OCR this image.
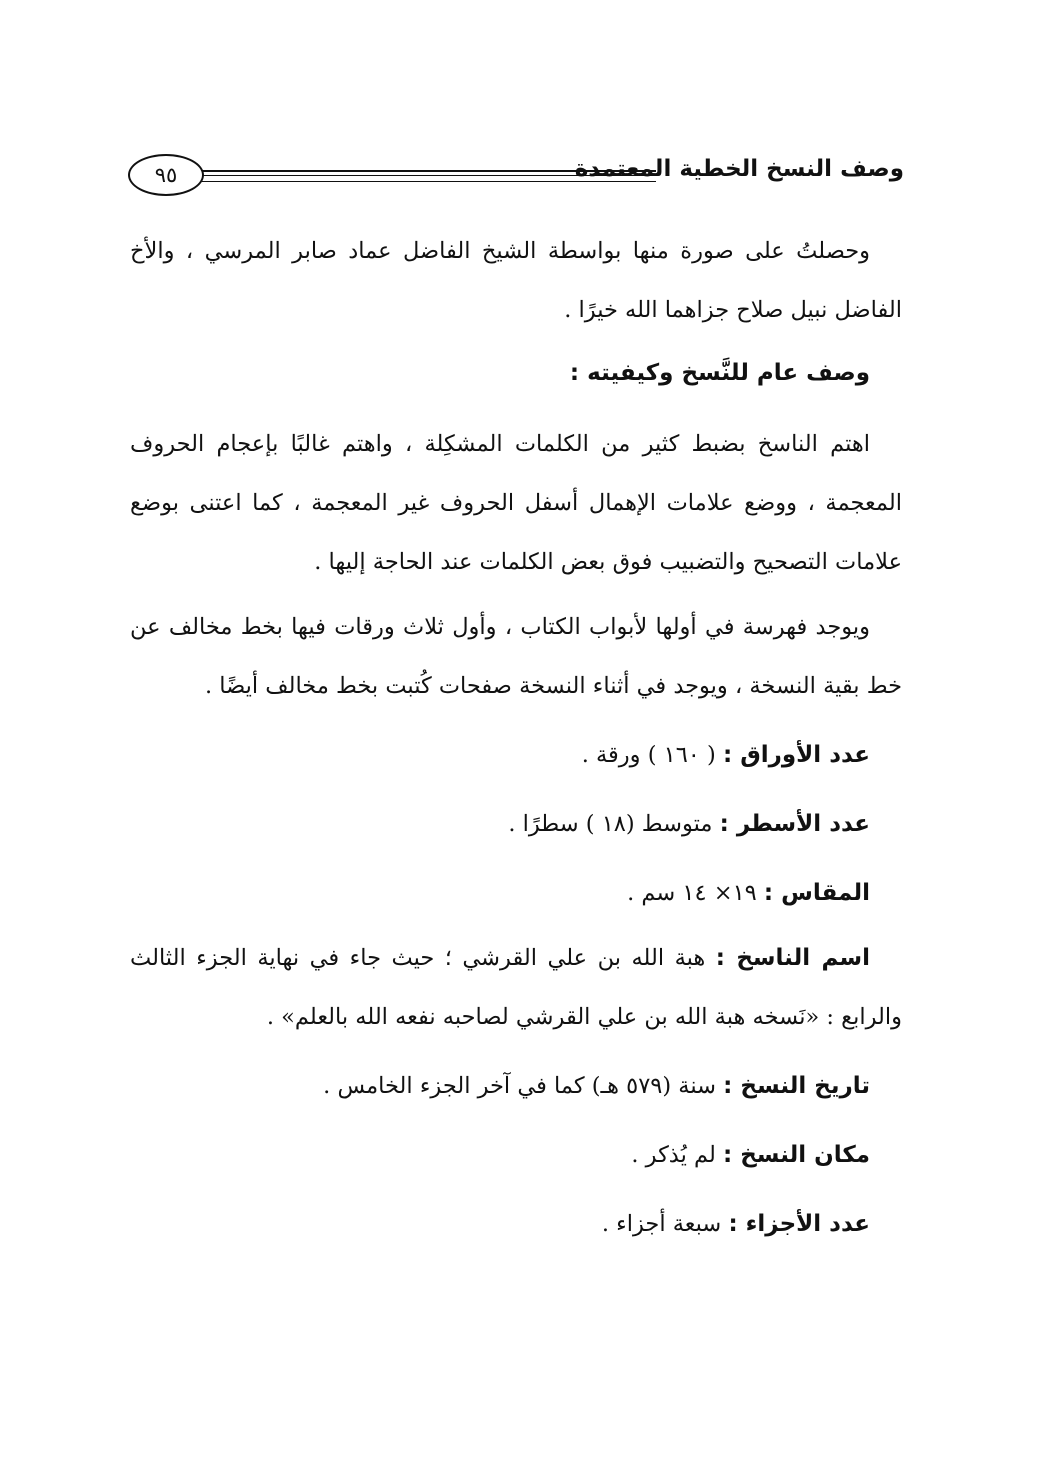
٩٥	وصف النسخ الخطية المعتمدة

وحصلتُ على صورة منها بواسطة الشيخ الفاضل عماد صابر المرسي ، والأخ الفاضل نبيل صلاح جزاهما الله خيرًا .

وصف عام للنَّسخ وكيفيته :

اهتم الناسخ بضبط كثير من الكلمات المشكِلة ، واهتم غالبًا بإعجام الحروف المعجمة ، ووضع علامات الإهمال أسفل الحروف غير المعجمة ، كما اعتنى بوضع علامات التصحيح والتضبيب فوق بعض الكلمات عند الحاجة إليها .

ويوجد فهرسة في أولها لأبواب الكتاب ، وأول ثلاث ورقات فيها بخط مخالف عن خط بقية النسخة ، ويوجد في أثناء النسخة صفحات كُتبت بخط مخالف أيضًا .

عدد الأوراق : ( ١٦٠ ) ورقة .
عدد الأسطر : متوسط (١٨ ) سطرًا .
المقاس : ١٩× ١٤ سم .

اسم الناسخ : هبة الله بن علي القرشي ؛ حيث جاء في نهاية الجزء الثالث والرابع : «نَسخه هبة الله بن علي القرشي لصاحبه نفعه الله بالعلم» .

تاريخ النسخ : سنة (٥٧٩ هـ) كما في آخر الجزء الخامس .
مكان النسخ : لم يُذكر .
عدد الأجزاء : سبعة أجزاء .
